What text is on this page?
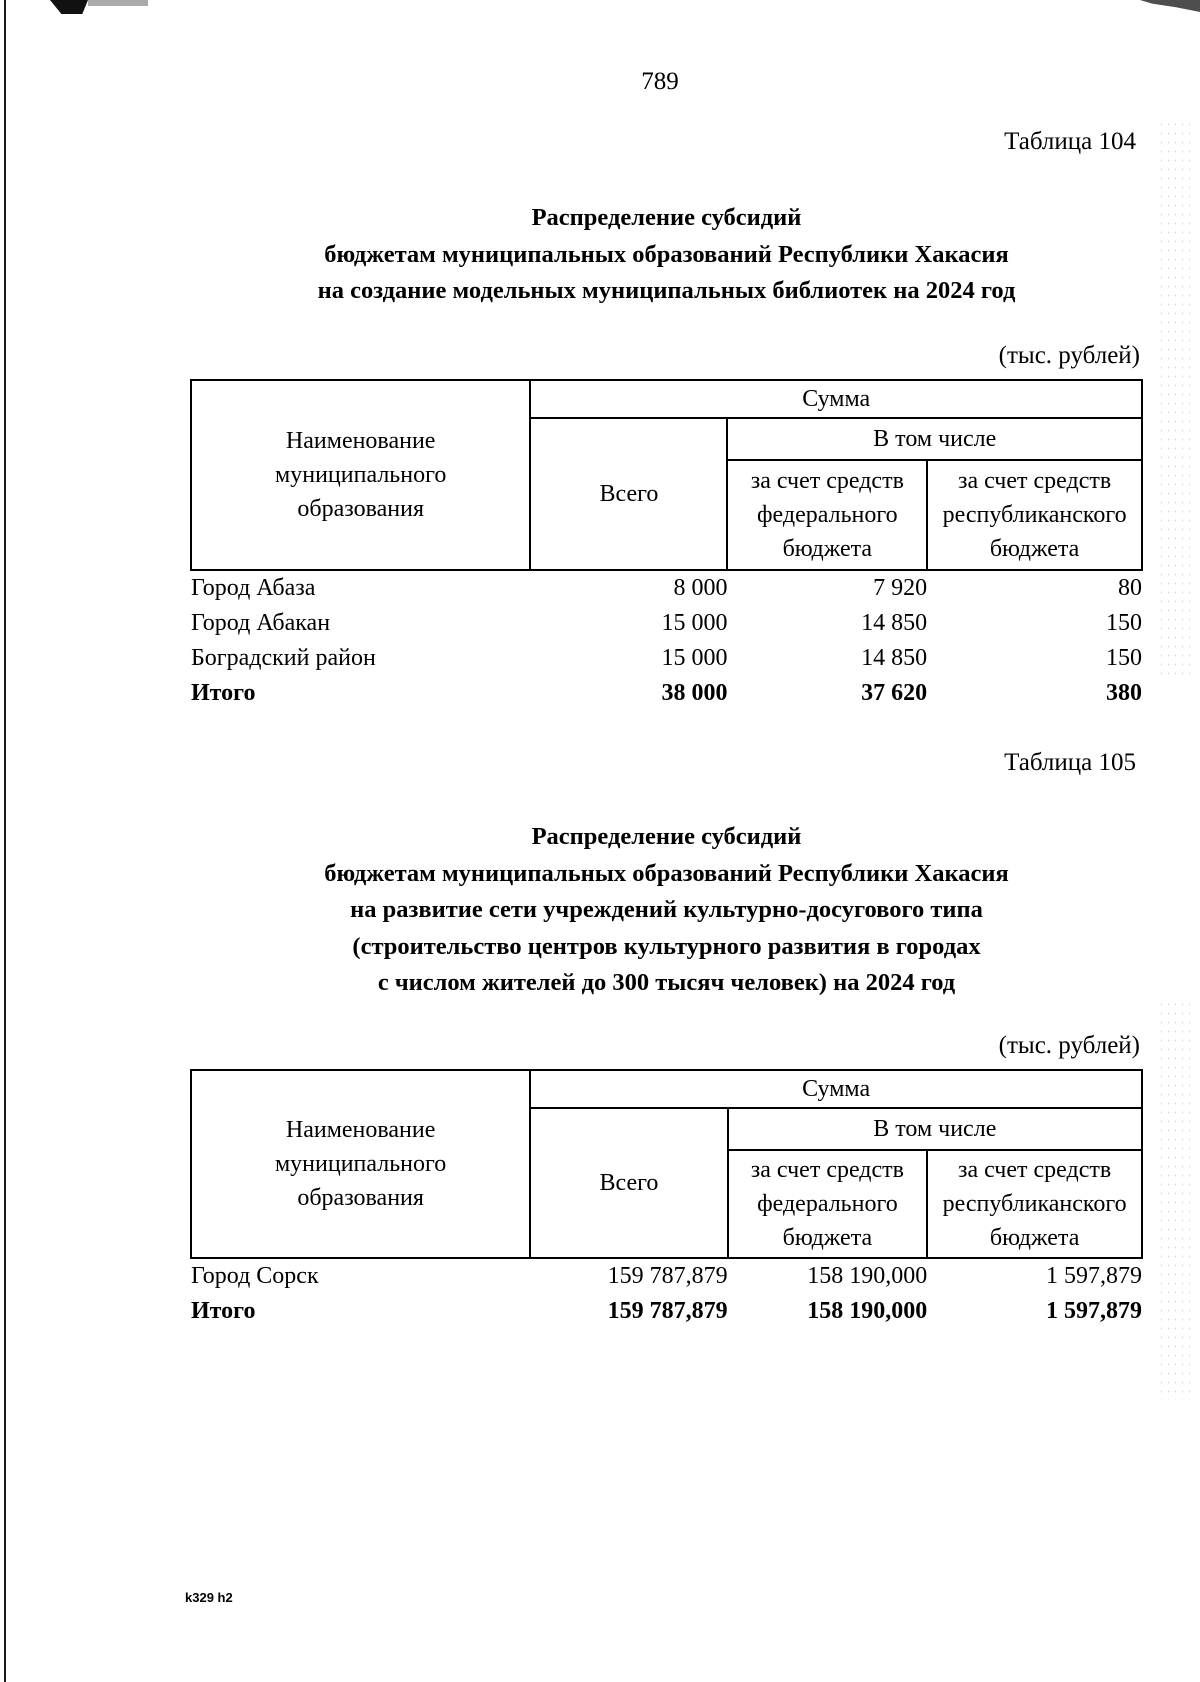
789
Таблица 104
Распределение субсидий
бюджетам муниципальных образований Республики Хакасия
на создание модельных муниципальных библиотек на 2024 год
(тыс. рублей)
Наименование муниципального образования	Сумма		
	Всего	В том числе	
		за счет средств федерального бюджета	за счет средств республиканского бюджета
Город Абаза	8 000	7 920	80
Город Абакан	15 000	14 850	150
Боградский район	15 000	14 850	150
Итого	38 000	37 620	380
Таблица 105
Распределение субсидий
бюджетам муниципальных образований Республики Хакасия
на развитие сети учреждений культурно-досугового типа
(строительство центров культурного развития в городах
с числом жителей до 300 тысяч человек) на 2024 год
(тыс. рублей)
Наименование муниципального образования	Сумма		
	Всего	В том числе	
		за счет средств федерального бюджета	за счет средств республиканского бюджета
Город Сорск	159 787,879	158 190,000	1 597,879
Итого	159 787,879	158 190,000	1 597,879
k329 h2
